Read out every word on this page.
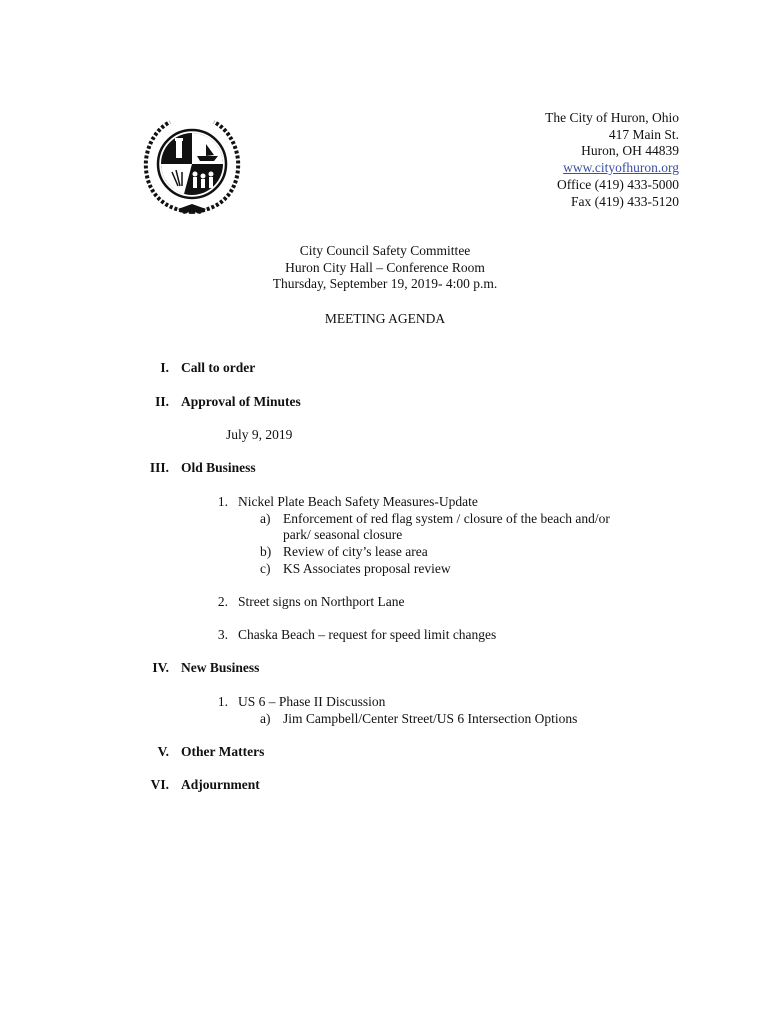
The City of Huron, Ohio
417 Main St.
Huron, OH 44839
www.cityofhuron.org
Office (419) 433-5000
Fax (419) 433-5120
City Council Safety Committee
Huron City Hall – Conference Room
Thursday, September 19, 2019- 4:00 p.m.
MEETING AGENDA
I. Call to order
II. Approval of Minutes
July 9, 2019
III. Old Business
1. Nickel Plate Beach Safety Measures-Update
a) Enforcement of red flag system / closure of the beach and/or
park/ seasonal closure
b) Review of city’s lease area
c) KS Associates proposal review
2. Street signs on Northport Lane
3. Chaska Beach – request for speed limit changes
IV. New Business
1. US 6 – Phase II Discussion
a) Jim Campbell/Center Street/US 6 Intersection Options
V. Other Matters
VI. Adjournment
